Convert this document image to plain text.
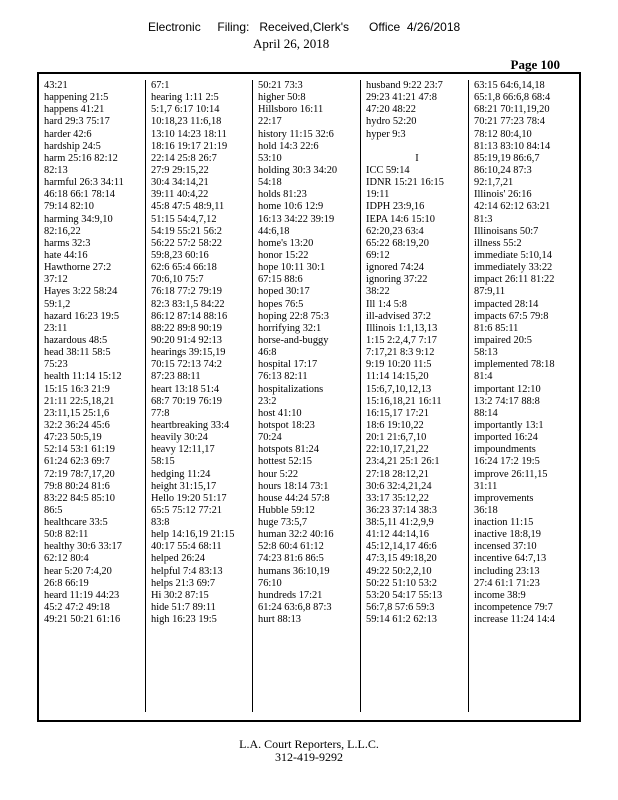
Electronic     Filing:   Received,Clerk's      Office  4/26/2018
April 26, 2018
Page 100
43:21
happening 21:5
happens 41:21
hard 29:3 75:17
harder 42:6
hardship 24:5
harm 25:16 82:12
82:13
harmful 26:3 34:11
46:18 66:1 78:14
79:14 82:10
harming 34:9,10
82:16,22
harms 32:3
hate 44:16
Hawthorne 27:2
37:12
Hayes 3:22 58:24
59:1,2
hazard 16:23 19:5
23:11
hazardous 48:5
head 38:11 58:5
75:23
health 11:14 15:12
15:15 16:3 21:9
21:11 22:5,18,21
23:11,15 25:1,6
32:2 36:24 45:6
47:23 50:5,19
52:14 53:1 61:19
61:24 62:3 69:7
72:19 78:7,17,20
79:8 80:24 81:6
83:22 84:5 85:10
86:5
healthcare 33:5
50:8 82:11
healthy 30:6 33:17
62:12 80:4
hear 5:20 7:4,20
26:8 66:19
heard 11:19 44:23
45:2 47:2 49:18
49:21 50:21 61:16
67:1
hearing 1:11 2:5
5:1,7 6:17 10:14
10:18,23 11:6,18
13:10 14:23 18:11
18:16 19:17 21:19
22:14 25:8 26:7
27:9 29:15,22
30:4 34:14,21
39:11 40:4,22
45:8 47:5 48:9,11
51:15 54:4,7,12
54:19 55:21 56:2
56:22 57:2 58:22
59:8,23 60:16
62:6 65:4 66:18
70:6,10 75:7
76:18 77:2 79:19
82:3 83:1,5 84:22
86:12 87:14 88:16
88:22 89:8 90:19
90:20 91:4 92:13
hearings 39:15,19
70:15 72:13 74:2
87:23 88:11
heart 13:18 51:4
68:7 70:19 76:19
77:8
heartbreaking 33:4
heavily 30:24
heavy 12:11,17
58:15
hedging 11:24
height 31:15,17
Hello 19:20 51:17
65:5 75:12 77:21
83:8
help 14:16,19 21:15
40:17 55:4 68:11
helped 26:24
helpful 7:4 83:13
helps 21:3 69:7
Hi 30:2 87:15
hide 51:7 89:11
high 16:23 19:5
50:21 73:3
higher 50:8
Hillsboro 16:11
22:17
history 11:15 32:6
hold 14:3 22:6
53:10
holding 30:3 34:20
54:18
holds 81:23
home 10:6 12:9
16:13 34:22 39:19
44:6,18
home's 13:20
honor 15:22
hope 10:11 30:1
67:15 88:6
hoped 30:17
hopes 76:5
hoping 22:8 75:3
horrifying 32:1
horse-and-buggy
46:8
hospital 17:17
76:13 82:11
hospitalizations
23:2
host 41:10
hotspot 18:23
70:24
hotspots 81:24
hottest 52:15
hour 5:22
hours 18:14 73:1
house 44:24 57:8
Hubble 59:12
huge 73:5,7
human 32:2 40:16
52:8 60:4 61:12
74:23 81:6 86:5
humans 36:10,19
76:10
hundreds 17:21
61:24 63:6,8 87:3
hurt 88:13
husband 9:22 23:7
29:23 41:21 47:8
47:20 48:22
hydro 52:20
hyper 9:3
I
ICC 59:14
IDNR 15:21 16:15
19:11
IDPH 23:9,16
IEPA 14:6 15:10
62:20,23 63:4
65:22 68:19,20
69:12
ignored 74:24
ignoring 37:22
38:22
Ill 1:4 5:8
ill-advised 37:2
Illinois 1:1,13,13
1:15 2:2,4,7 7:17
7:17,21 8:3 9:12
9:19 10:20 11:5
11:14 14:15,20
15:6,7,10,12,13
15:16,18,21 16:11
16:15,17 17:21
18:6 19:10,22
20:1 21:6,7,10
22:10,17,21,22
23:4,21 25:1 26:1
27:18 28:12,21
30:6 32:4,21,24
33:17 35:12,22
36:23 37:14 38:3
38:5,11 41:2,9,9
41:12 44:14,16
45:12,14,17 46:6
47:3,15 49:18,20
49:22 50:2,2,10
50:22 51:10 53:2
53:20 54:17 55:13
56:7,8 57:6 59:3
59:14 61:2 62:13
63:15 64:6,14,18
65:1,8 66:6,8 68:4
68:21 70:11,19,20
70:21 77:23 78:4
78:12 80:4,10
81:13 83:10 84:14
85:19,19 86:6,7
86:10,24 87:3
92:1,7,21
Illinois' 26:16
42:14 62:12 63:21
81:3
Illinoisans 50:7
illness 55:2
immediate 5:10,14
immediately 33:22
impact 26:11 81:22
87:9,11
impacted 28:14
impacts 67:5 79:8
81:6 85:11
impaired 20:5
58:13
implemented 78:18
81:4
important 12:10
13:2 74:17 88:8
88:14
importantly 13:1
imported 16:24
impoundments
16:24 17:2 19:5
improve 26:11,15
31:11
improvements
36:18
inaction 11:15
inactive 18:8,19
incensed 37:10
incentive 64:7,13
including 23:13
27:4 61:1 71:23
income 38:9
incompetence 79:7
increase 11:24 14:4
L.A. Court Reporters, L.L.C.
312-419-9292
